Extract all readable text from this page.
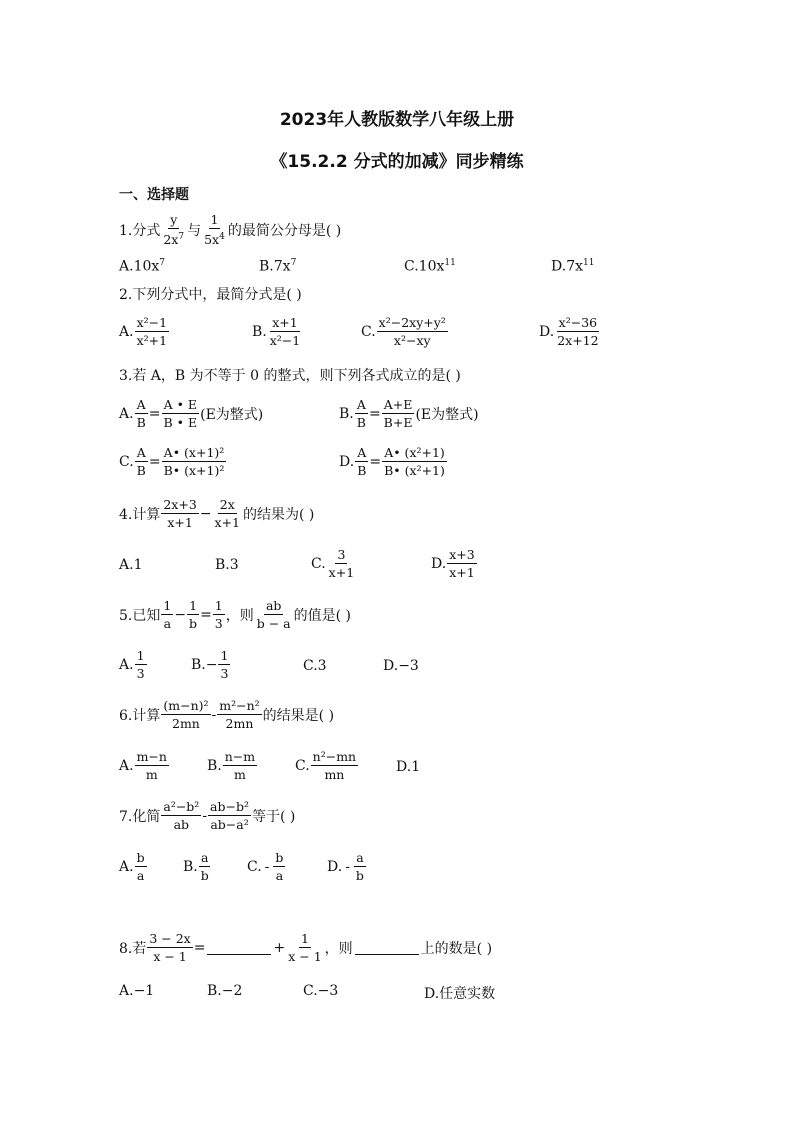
2023年人教版数学八年级上册
《15.2.2 分式的加减》同步精练
一、选择题
1.分式 $\frac{y}{2x^7}$ 与 $\frac{1}{5x^4}$ 的最简公分母是( )
$A.10x^7$	$B.7x^7$	$C.10x^{11}$	$D.7x^{11}$
2.下列分式中，最简分式是( )
A. $\frac{\text{x²−1}}{\text{x²+1}}$	B. $\frac{x+1}{\text{x²−1}}$	C. $\frac{\text{x²−2xy+y²}}{\text{x²−xy}}$	D. $\frac{\text{x²−36}}{2x+12}$
3.若 A，B 为不等于 0 的整式，则下列各式成立的是( )
A. $\frac{A}{B} = \frac{A • E}{B • E} (E$为整式)	B. $\frac{A}{B} = \frac{A+E}{B+E} (E$为整式)
C. $\frac{A}{B} = \frac{\text{A• (x+1)²}}{\text{B• (x+1)²}}$	D. $\frac{A}{B} = \frac{\text{A• (x²+1)}}{\text{B• (x²+1)}}$
4.计算 $\frac{2x+3}{x+1} - \frac{2x}{x+1}$ 的结果为( )
A. 1	B. 3	C. $\frac{3}{x+1}$	D. $\frac{x+3}{x+1}$
5.已知 $\frac{1}{a} - \frac{1}{b} = \frac{1}{3}$ ，则 $\frac{ab}{b - a}$ 的值是( )
A. $\frac{1}{3}$	B. − $\frac{1}{3}$	C. 3	D. −3
6.计算 $\frac{\text{(m−n)²}}{2mn} - \frac{\text{m²−n²}}{2mn}$ 的结果是( )
A. $\frac{m-n}{m}$	B. $\frac{n-m}{m}$	C. $\frac{\text{n²−mn}}{mn}$	D. 1
7.化简 $\frac{\text{a²−b²}}{ab} - \frac{\text{ab−b²}}{\text{ab−a²}}$ 等于( )
A. $\frac{b}{a}$	B. $\frac{a}{b}$	C. - $\frac{b}{a}$	D. - $\frac{a}{b}$
8.若 $\frac{3 - 2x}{x - 1}$ =	+ $\frac{1}{x - 1}$ ，则	上的数是( )
A.−1	B.−2	C.−3	D.任意实数
